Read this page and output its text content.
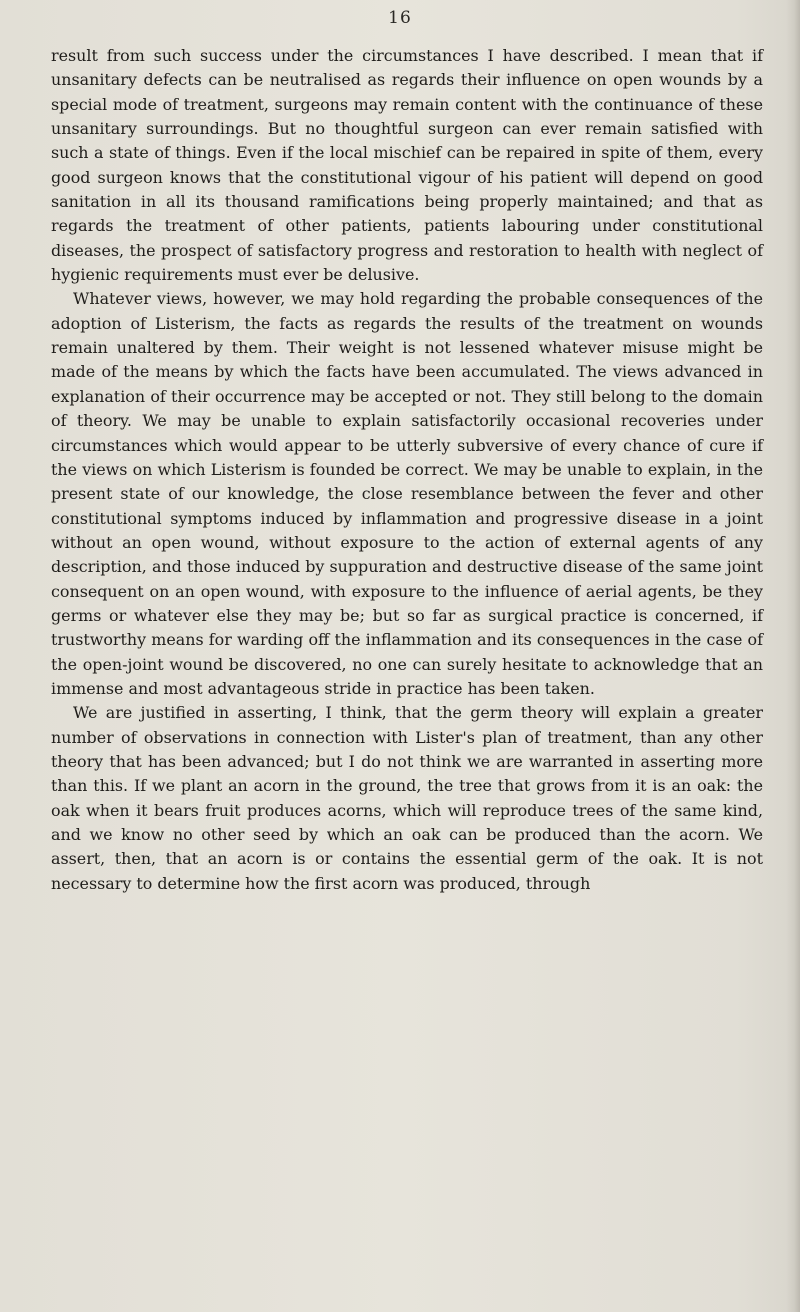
16

result from such success under the circumstances I have described. I mean that if unsanitary defects can be neutralised as regards their influence on open wounds by a special mode of treatment, surgeons may remain content with the continuance of these unsanitary surroundings. But no thoughtful surgeon can ever remain satisfied with such a state of things. Even if the local mischief can be repaired in spite of them, every good surgeon knows that the constitutional vigour of his patient will depend on good sanitation in all its thousand ramifications being properly maintained; and that as regards the treatment of other patients, patients labouring under constitutional diseases, the prospect of satisfactory progress and restoration to health with neglect of hygienic requirements must ever be delusive.

Whatever views, however, we may hold regarding the probable consequences of the adoption of Listerism, the facts as regards the results of the treatment on wounds remain unaltered by them. Their weight is not lessened whatever misuse might be made of the means by which the facts have been accumulated. The views advanced in explanation of their occurrence may be accepted or not. They still belong to the domain of theory. We may be unable to explain satisfactorily occasional recoveries under circumstances which would appear to be utterly subversive of every chance of cure if the views on which Listerism is founded be correct. We may be unable to explain, in the present state of our knowledge, the close resemblance between the fever and other constitutional symptoms induced by inflammation and progressive disease in a joint without an open wound, without exposure to the action of external agents of any description, and those induced by suppuration and destructive disease of the same joint consequent on an open wound, with exposure to the influence of aerial agents, be they germs or whatever else they may be; but so far as surgical practice is concerned, if trustworthy means for warding off the inflammation and its consequences in the case of the open-joint wound be discovered, no one can surely hesitate to acknowledge that an immense and most advantageous stride in practice has been taken.

We are justified in asserting, I think, that the germ theory will explain a greater number of observations in connection with Lister's plan of treatment, than any other theory that has been advanced; but I do not think we are warranted in asserting more than this. If we plant an acorn in the ground, the tree that grows from it is an oak: the oak when it bears fruit produces acorns, which will reproduce trees of the same kind, and we know no other seed by which an oak can be produced than the acorn. We assert, then, that an acorn is or contains the essential germ of the oak. It is not necessary to determine how the first acorn was produced, through
